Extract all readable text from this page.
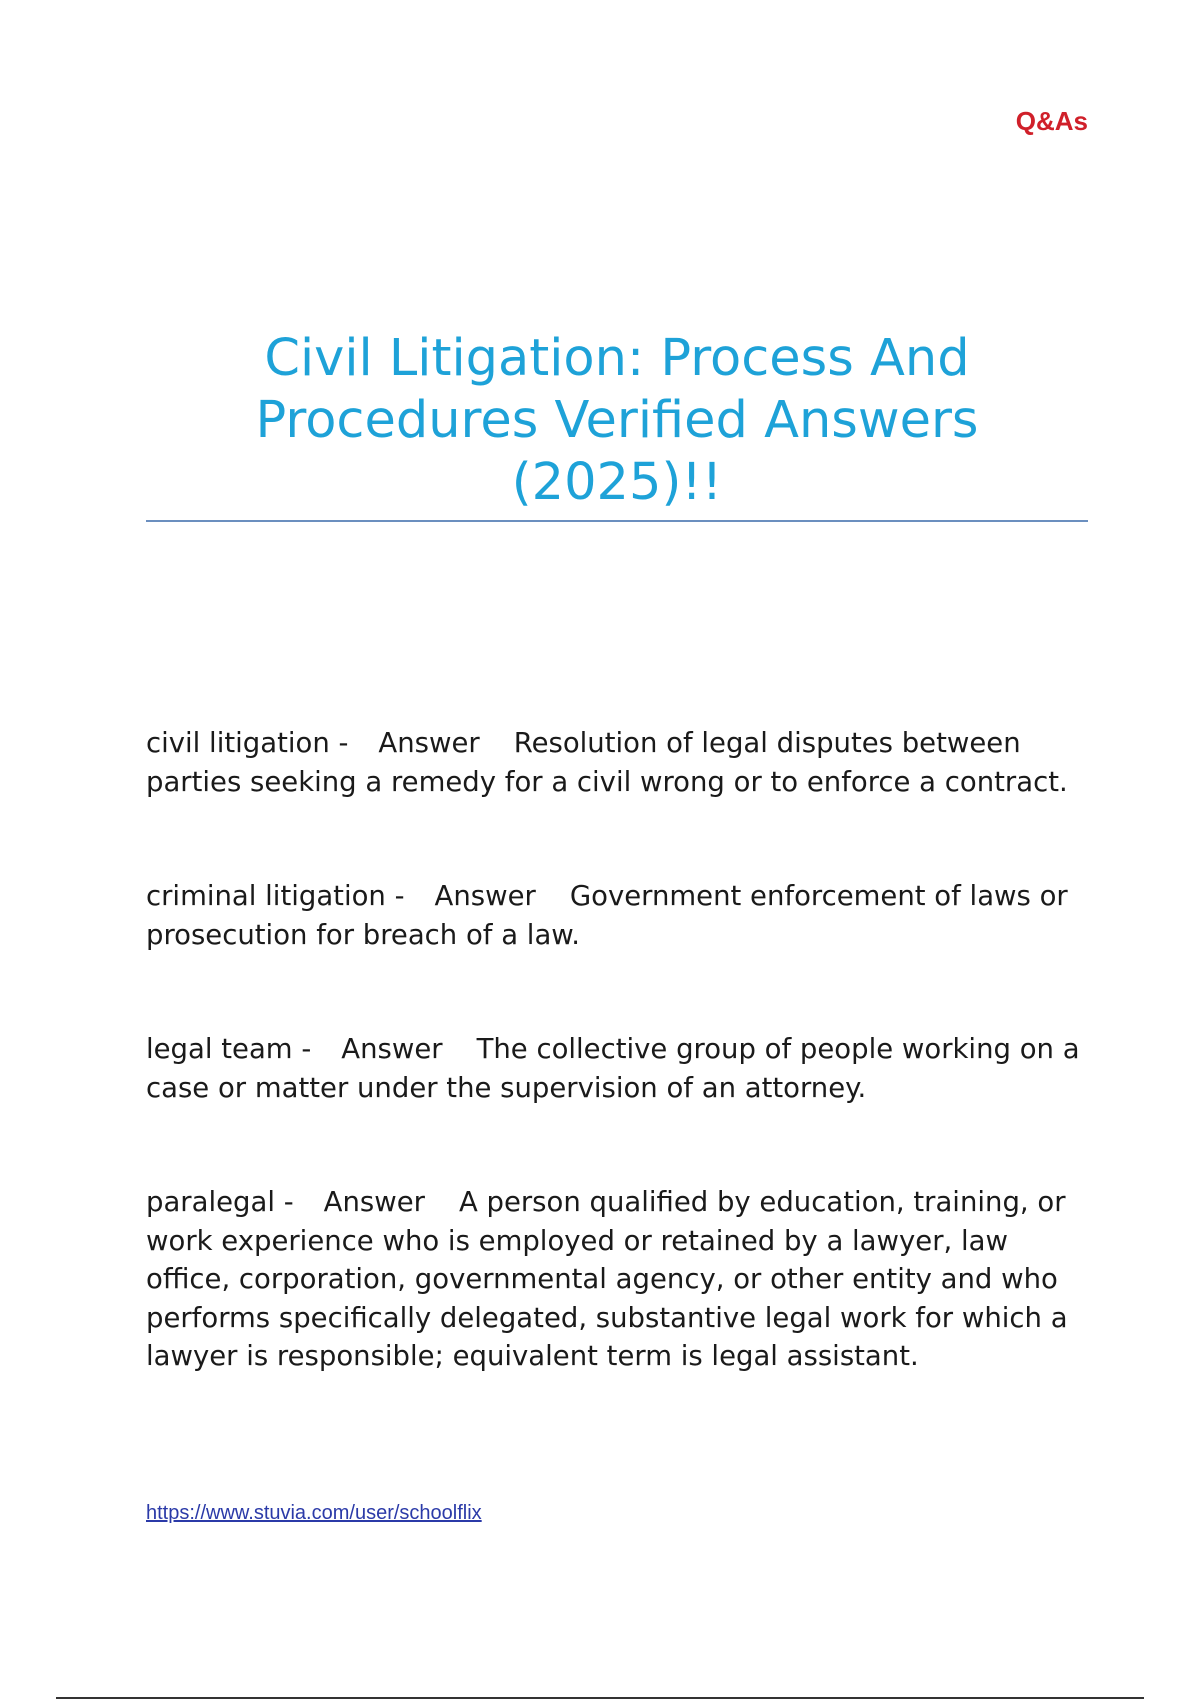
Q&As
Civil Litigation: Process And Procedures Verified Answers (2025)!!

civil litigation - Answer Resolution of legal disputes between parties seeking a remedy for a civil wrong or to enforce a contract.

criminal litigation - Answer Government enforcement of laws or prosecution for breach of a law.

legal team - Answer The collective group of people working on a case or matter under the supervision of an attorney.

paralegal - Answer A person qualified by education, training, or work experience who is employed or retained by a lawyer, law office, corporation, governmental agency, or other entity and who performs specifically delegated, substantive legal work for which a lawyer is responsible; equivalent term is legal assistant.

https://www.stuvia.com/user/schoolflix
